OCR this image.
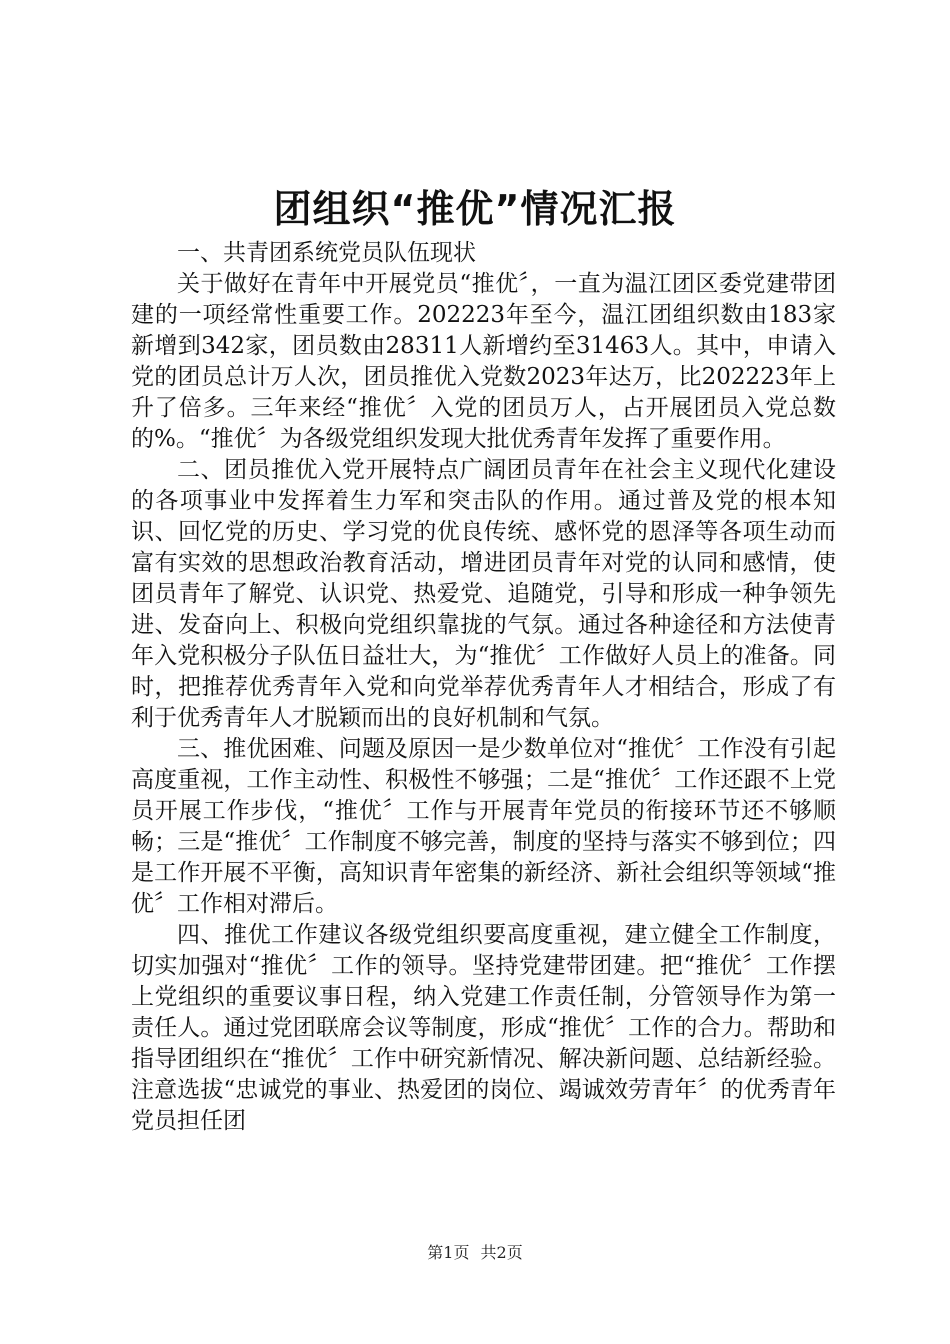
团组织“推优”情况汇报

一、共青团系统党员队伍现状

关于做好在青年中开展党员“推优〞，一直为温江团区委党建带团建的一项经常性重要工作。202223年至今，温江团组织数由183家新增到342家，团员数由28311人新增约至31463人。其中，申请入党的团员总计万人次，团员推优入党数2023年达万，比202223年上升了倍多。三年来经“推优〞入党的团员万人，占开展团员入党总数的%。“推优〞为各级党组织发现大批优秀青年发挥了重要作用。

二、团员推优入党开展特点广阔团员青年在社会主义现代化建设的各项事业中发挥着生力军和突击队的作用。通过普及党的根本知识、回忆党的历史、学习党的优良传统、感怀党的恩泽等各项生动而富有实效的思想政治教育活动，增进团员青年对党的认同和感情，使团员青年了解党、认识党、热爱党、追随党，引导和形成一种争领先进、发奋向上、积极向党组织靠拢的气氛。通过各种途径和方法使青年入党积极分子队伍日益壮大，为“推优〞工作做好人员上的准备。同时，把推荐优秀青年入党和向党举荐优秀青年人才相结合，形成了有利于优秀青年人才脱颖而出的良好机制和气氛。

三、推优困难、问题及原因一是少数单位对“推优〞工作没有引起高度重视，工作主动性、积极性不够强；二是“推优〞工作还跟不上党员开展工作步伐，“推优〞工作与开展青年党员的衔接环节还不够顺畅；三是“推优〞工作制度不够完善，制度的坚持与落实不够到位；四是工作开展不平衡，高知识青年密集的新经济、新社会组织等领域“推优〞工作相对滞后。

四、推优工作建议各级党组织要高度重视，建立健全工作制度，切实加强对“推优〞工作的领导。坚持党建带团建。把“推优〞工作摆上党组织的重要议事日程，纳入党建工作责任制，分管领导作为第一责任人。通过党团联席会议等制度，形成“推优〞工作的合力。帮助和指导团组织在“推优〞工作中研究新情况、解决新问题、总结新经验。注意选拔“忠诚党的事业、热爱团的岗位、竭诚效劳青年〞的优秀青年党员担任团

第1页 共2页
